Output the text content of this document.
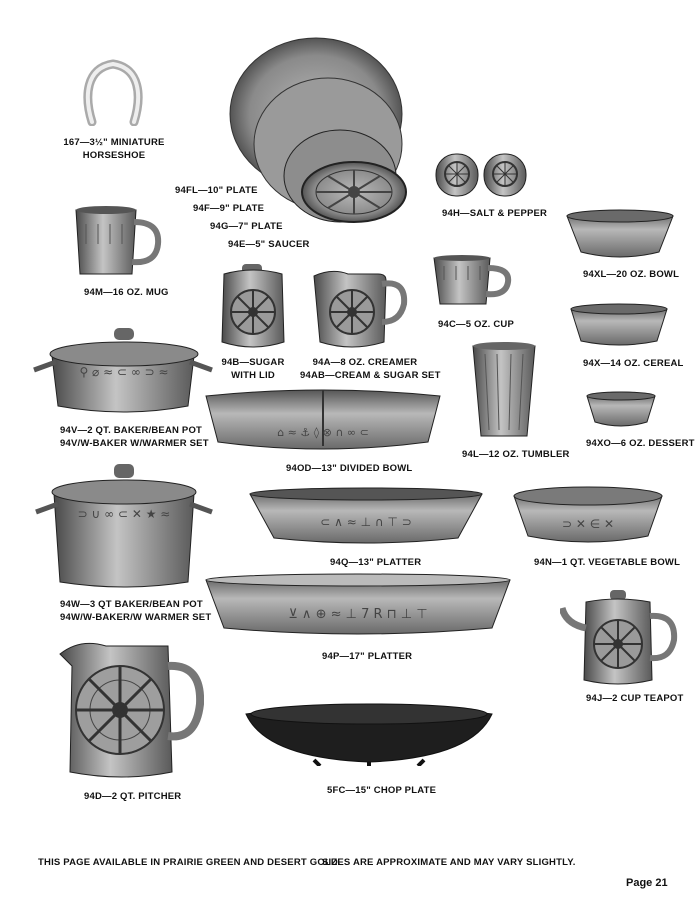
167—3½" MINIATURE
HORSESHOE
94FL—10" PLATE
94F—9" PLATE
94G—7" PLATE
94E—5" SAUCER
94H—SALT & PEPPER
94XL—20 OZ. BOWL
94M—16 OZ. MUG
94B—SUGAR
WITH LID
94A—8 OZ. CREAMER
94AB—CREAM & SUGAR SET
94C—5 OZ. CUP
94X—14 OZ. CEREAL
94L—12 OZ. TUMBLER
94XO—6 OZ. DESSERT
⚲ ⌀ ≈ ⊂ ∞ ⊃ ≈
94V—2 QT. BAKER/BEAN POT
94V/W-BAKER W/WARMER SET
⌂ ≈ ⚓ ◊ ⊗ ∩ ∞ ⊂
94OD—13" DIVIDED BOWL
⊃ ∪ ∞ ⊂ ✕ ★ ≈
94W—3 QT BAKER/BEAN POT
94W/W-BAKER/W WARMER SET
⊂ ∧ ≈ ⊥ ∩ ⊤ ⊃
94Q—13" PLATTER
⊃ ✕ ∈ ✕
94N—1 QT. VEGETABLE BOWL
⊻ ∧ ⊕ ≈ ⊥ 7 R ⊓ ⊥ ⊤
94P—17" PLATTER
94J—2 CUP TEAPOT
94D—2 QT. PITCHER
5FC—15" CHOP PLATE
THIS PAGE AVAILABLE IN PRAIRIE GREEN AND DESERT GOLD.
SIZES ARE APPROXIMATE AND MAY VARY SLIGHTLY.
Page 21
